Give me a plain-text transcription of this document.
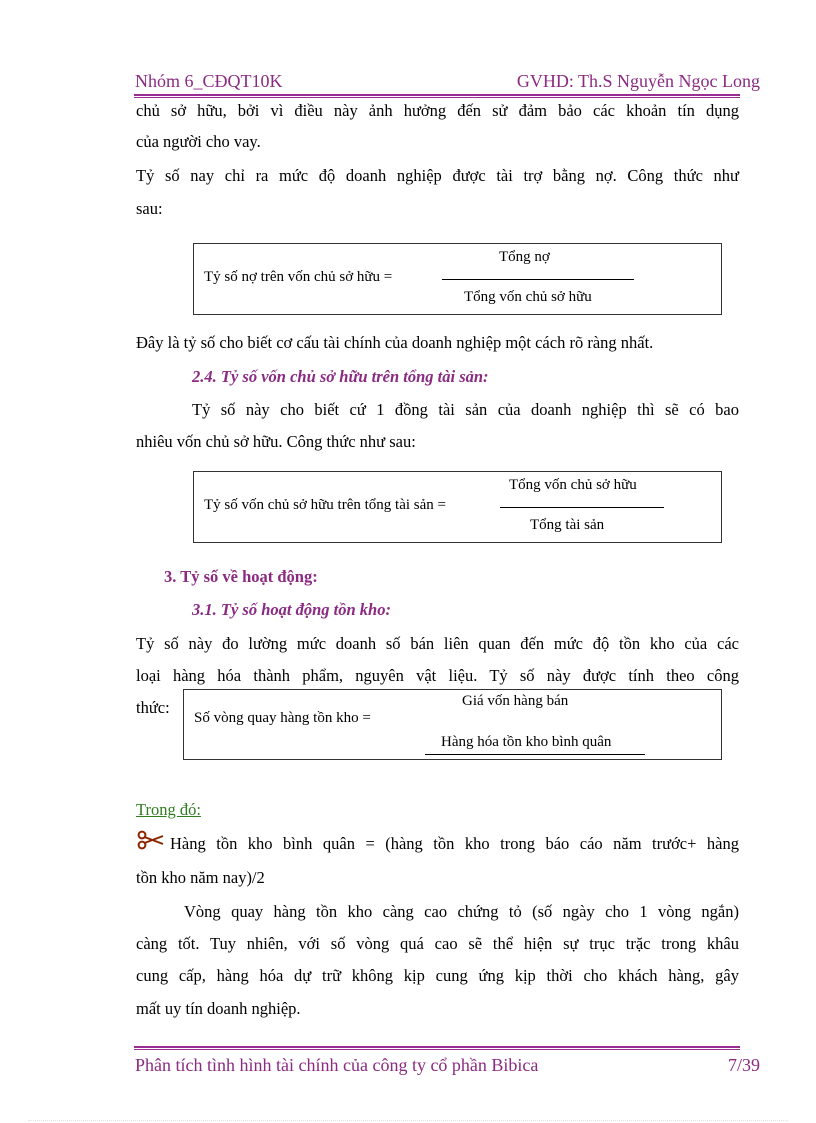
Nhóm 6_CĐQT10K	GVHD: Th.S Nguyễn Ngọc Long
chủ sở hữu, bởi vì điều này ảnh hưởng đến sử đảm bảo các khoản tín dụng
của người cho vay.
Tỷ số nay chỉ ra mức độ doanh nghiệp được tài trợ bằng nợ. Công thức như
sau:
Tỷ số nợ trên vốn chủ sở hữu =
Tổng nợ
Tổng vốn chủ sở hữu
Đây là tỷ số cho biết cơ cấu tài chính của doanh nghiệp một cách rõ ràng nhất.
2.4. Tỷ số vốn chủ sở hữu trên tổng tài sản:
Tỷ số này cho biết cứ 1 đồng tài sản của doanh nghiệp thì sẽ có bao
nhiêu vốn chủ sở hữu. Công thức như sau:
Tỷ số vốn chủ sở hữu trên tổng tài sản =
Tổng vốn chủ sở hữu
Tổng tài sản
3. Tỷ số về hoạt động:
3.1. Tỷ số hoạt động tồn kho:
Tỷ số này đo lường mức doanh số bán liên quan đến mức độ tồn kho của các
loại hàng hóa thành phẩm, nguyên vật liệu. Tỷ số này được tính theo công
thức:
Số vòng quay hàng tồn kho =
Giá vốn hàng bán
Hàng hóa tồn kho bình quân
Trong đó:
Hàng tồn kho bình quân = (hàng tồn kho trong báo cáo năm trước+ hàng
tồn kho năm nay)/2
Vòng quay hàng tồn kho càng cao chứng tỏ (số ngày cho 1 vòng ngắn)
càng tốt. Tuy nhiên, với số vòng quá cao sẽ thể hiện sự trục trặc trong khâu
cung cấp, hàng hóa dự trữ không kịp cung ứng kịp thời cho khách hàng, gây
mất uy tín doanh nghiệp.
Phân tích tình hình tài chính của công ty cổ phần Bibica	7/39
